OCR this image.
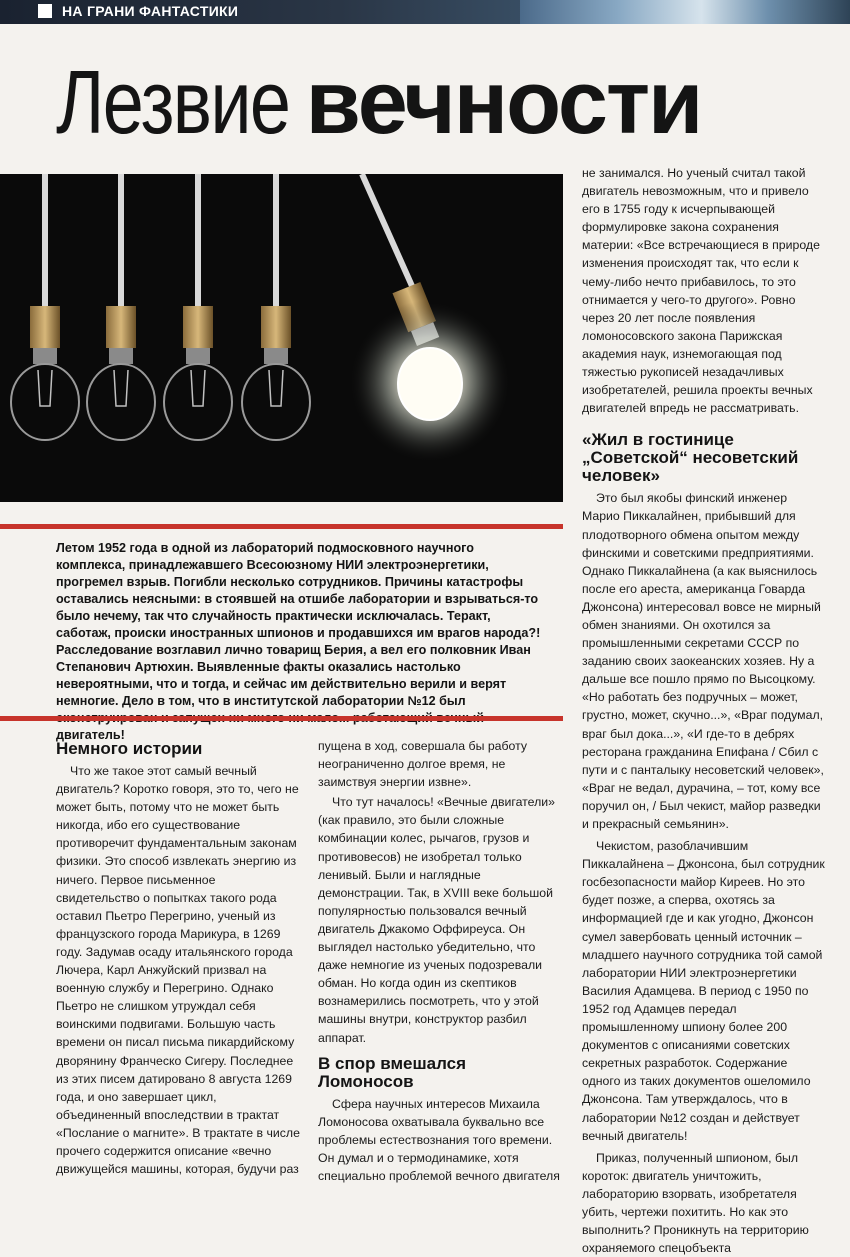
НА ГРАНИ ФАНТАСТИКИ
Лезвие вечности

Летом 1952 года в одной из лабораторий подмосковного научного комплекса, принадлежавшего Всесоюзному НИИ электроэнергетики, прогремел взрыв. Погибли несколько сотрудников. Причины катастрофы оставались неясными: в стоявшей на отшибе лаборатории и взрываться-то было нечему, так что случайность практически исключалась. Теракт, саботаж, происки иностранных шпионов и продавшихся им врагов народа?! Расследование возглавил лично товарищ Берия, а вел его полковник Иван Степанович Артюхин. Выявленные факты оказались настолько невероятными, что и тогда, и сейчас им действительно верили и верят немногие. Дело в том, что в институтской лаборатории №12 был двигатель!

Немного истории

Что же такое этот самый вечный двигатель? Коротко говоря, это то, чего не может быть, потому что не может быть никогда, ибо его существование противоречит фундаментальным законам физики. Это способ извлекать энергию из ничего. Первое письменное свидетельство о попытках такого рода оставил Пьетро Перегрино, ученый из французского города Марикура, в 1269 году. Задумав осаду итальянского города Лючера, Карл Анжуйский призвал на военную службу и Перегрино. Однако Пьетро не слишком утруждал себя воинскими подвигами. Большую часть времени он писал письма пикардийскому дворянину Франческо Сигеру. Последнее из этих писем датировано 8 августа 1269 года, и оно завершает цикл, объединенный впоследствии в трактат «Послание о магните». В трактате в числе прочего содержится описание «вечно движущейся машины, которая, будучи раз

пущена в ход, совершала бы работу неограниченно долгое время, не заимствуя энергии извне».

Что тут началось! «Вечные двигатели» (как правило, это были сложные комбинации колес, рычагов, грузов и противовесов) не изобретал только ленивый. Были и наглядные демонстрации. Так, в XVIII веке большой популярностью пользовался вечный двигатель Джакомо Оффиреуса. Он выглядел настолько убедительно, что даже немногие из ученых подозревали обман. Но когда один из скептиков вознамерились посмотреть, что у этой машины внутри, конструктор разбил аппарат.

В спор вмешался Ломоносов

Сфера научных интересов Михаила Ломоносова охватывала буквально все проблемы естествознания того времени. Он думал и о термодинамике, хотя специально проблемой вечного двигателя

не занимался. Но ученый считал такой двигатель невозможным, что и привело его в 1755 году к исчерпывающей формулировке закона сохранения материи: «Все встречающиеся в природе изменения происходят так, что если к чему-либо нечто прибавилось, то это отнимается у чего-то другого». Ровно через 20 лет после появления ломоносовского закона Парижская академия наук, изнемогающая под тяжестью рукописей незадачливых изобретателей, решила проекты вечных двигателей впредь не рассматривать.

«Жил в гостинице „Советской“ несоветский человек»

Это был якобы финский инженер Марио Пиккалайнен, прибывший для плодотворного обмена опытом между финскими и советскими предприятиями. Однако Пиккалайнена (а как выяснилось после его ареста, американца Говарда Джонсона) интересовал вовсе не мирный обмен знаниями. Он охотился за промышленными секретами СССР по заданию своих заокеанских хозяев. Ну а дальше все пошло прямо по Высоцкому. «Но работать без подручных – может, грустно, может, скучно...», «Враг подумал, враг был дока...», «И где-то в дебрях ресторана гражданина Епифана / Сбил с пути и с панталыку несоветский человек», «Враг не ведал, дурачина, – тот, кому все поручил он, / Был чекист, майор разведки и прекрасный семьянин».

Чекистом, разоблачившим Пиккалайнена – Джонсона, был сотрудник госбезопасности майор Киреев. Но это будет позже, а сперва, охотясь за информацией где и как угодно, Джонсон сумел завербовать ценный источник – младшего научного сотрудника той самой лаборатории НИИ электроэнергетики Василия Адамцева. В период с 1950 по 1952 год Адамцев передал промышленному шпиону более 200 документов с описаниями советских секретных разработок. Содержание одного из таких документов ошеломило Джонсона. Там утверждалось, что в лаборатории №12 создан и действует вечный двигатель!

Приказ, полученный шпионом, был короток: двигатель уничтожить, лабораторию взорвать, изобретателя убить, чертежи похитить. Но как это выполнить? Проникнуть на территорию охраняемого спецобъекта
